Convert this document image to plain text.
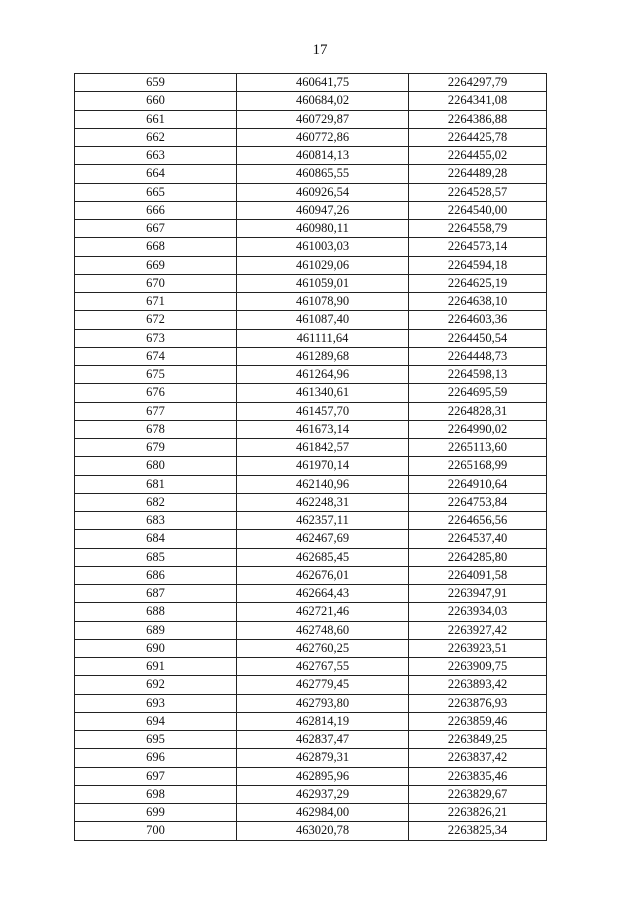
17
659	460641,75	2264297,79
660	460684,02	2264341,08
661	460729,87	2264386,88
662	460772,86	2264425,78
663	460814,13	2264455,02
664	460865,55	2264489,28
665	460926,54	2264528,57
666	460947,26	2264540,00
667	460980,11	2264558,79
668	461003,03	2264573,14
669	461029,06	2264594,18
670	461059,01	2264625,19
671	461078,90	2264638,10
672	461087,40	2264603,36
673	461111,64	2264450,54
674	461289,68	2264448,73
675	461264,96	2264598,13
676	461340,61	2264695,59
677	461457,70	2264828,31
678	461673,14	2264990,02
679	461842,57	2265113,60
680	461970,14	2265168,99
681	462140,96	2264910,64
682	462248,31	2264753,84
683	462357,11	2264656,56
684	462467,69	2264537,40
685	462685,45	2264285,80
686	462676,01	2264091,58
687	462664,43	2263947,91
688	462721,46	2263934,03
689	462748,60	2263927,42
690	462760,25	2263923,51
691	462767,55	2263909,75
692	462779,45	2263893,42
693	462793,80	2263876,93
694	462814,19	2263859,46
695	462837,47	2263849,25
696	462879,31	2263837,42
697	462895,96	2263835,46
698	462937,29	2263829,67
699	462984,00	2263826,21
700	463020,78	2263825,34
